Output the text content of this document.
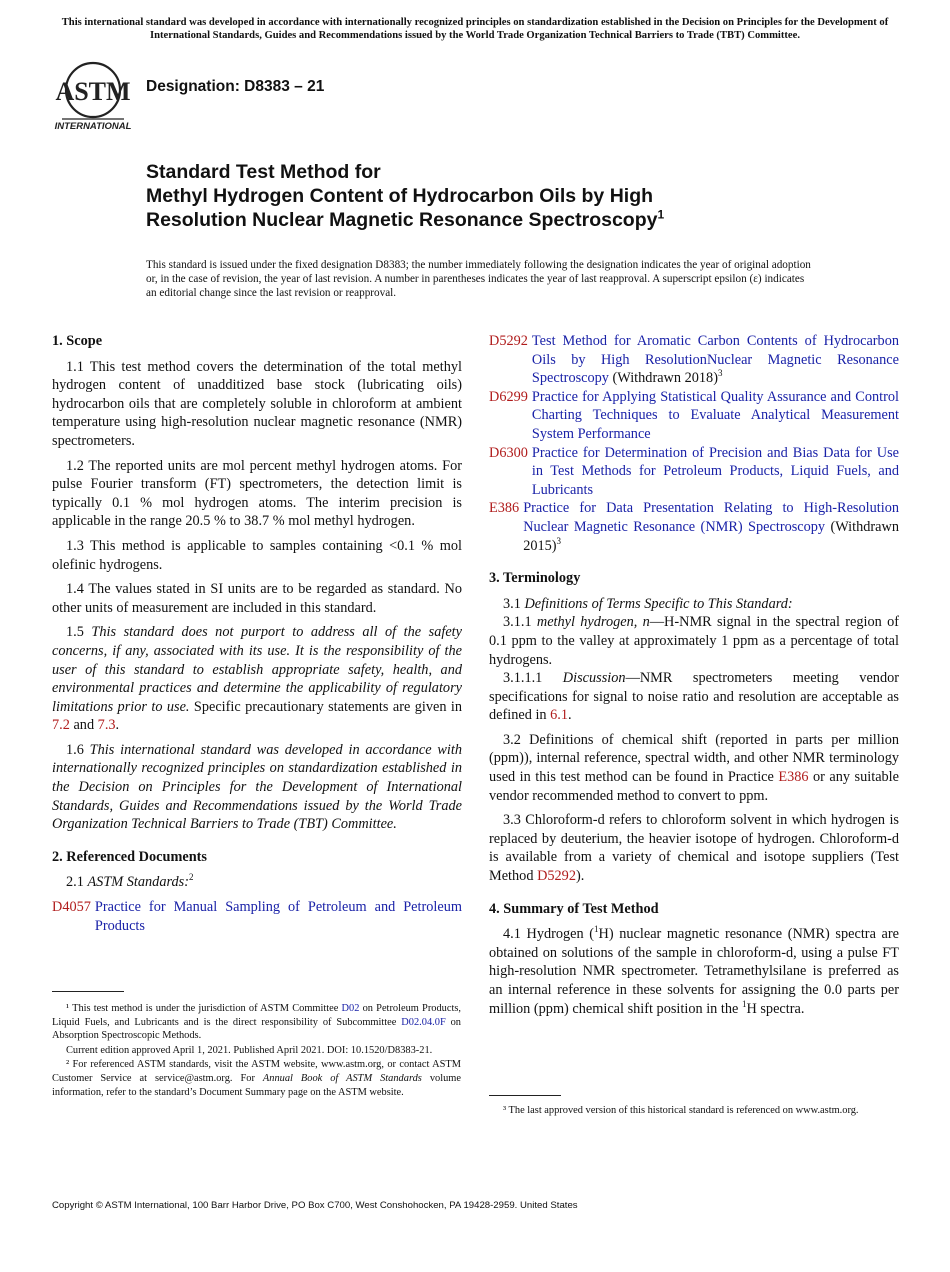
This international standard was developed in accordance with internationally recognized principles on standardization established in the Decision on Principles for the Development of International Standards, Guides and Recommendations issued by the World Trade Organization Technical Barriers to Trade (TBT) Committee.
ASTM
INTERNATIONAL
Designation: D8383 – 21
Standard Test Method for
Methyl Hydrogen Content of Hydrocarbon Oils by High
Resolution Nuclear Magnetic Resonance Spectroscopy$^1$
This standard is issued under the fixed designation D8383; the number immediately following the designation indicates the year of original adoption or, in the case of revision, the year of last revision. A number in parentheses indicates the year of last reapproval. A superscript epsilon (ε) indicates an editorial change since the last revision or reapproval.
1. Scope

1.1 This test method covers the determination of the total methyl hydrogen content of unadditized base stock (lubricating oils) hydrocarbon oils that are completely soluble in chloroform at ambient temperature using high-resolution nuclear magnetic resonance (NMR) spectrometers.

1.2 The reported units are mol percent methyl hydrogen atoms. For pulse Fourier transform (FT) spectrometers, the detection limit is typically 0.1 % mol hydrogen atoms. The interim precision is applicable in the range 20.5 % to 38.7 % mol methyl hydrogen.

1.3 This method is applicable to samples containing <0.1 % mol olefinic hydrogens.

1.4 The values stated in SI units are to be regarded as standard. No other units of measurement are included in this standard.

1.5 This standard does not purport to address all of the safety concerns, if any, associated with its use. It is the responsibility of the user of this standard to establish appropriate safety, health, and environmental practices and determine the applicability of regulatory limitations prior to use. Specific precautionary statements are given in 7.2 and 7.3.

1.6 This international standard was developed in accordance with internationally recognized principles on standardization established in the Decision on Principles for the Development of International Standards, Guides and Recommendations issued by the World Trade Organization Technical Barriers to Trade (TBT) Committee.

2. Referenced Documents

2.1 ASTM Standards:$^2$

D4057 Practice for Manual Sampling of Petroleum and Petroleum Products

¹ This test method is under the jurisdiction of ASTM Committee D02 on Petroleum Products, Liquid Fuels, and Lubricants and is the direct responsibility of Subcommittee D02.04.0F on Absorption Spectroscopic Methods.

Current edition approved April 1, 2021. Published April 2021. DOI: 10.1520/D8383-21.

² For referenced ASTM standards, visit the ASTM website, www.astm.org, or contact ASTM Customer Service at service@astm.org. For Annual Book of ASTM Standards volume information, refer to the standard’s Document Summary page on the ASTM website.

D5292 Test Method for Aromatic Carbon Contents of Hydrocarbon Oils by High ResolutionNuclear Magnetic Resonance Spectroscopy (Withdrawn 2018)$^3$
D6299 Practice for Applying Statistical Quality Assurance and Control Charting Techniques to Evaluate Analytical Measurement System Performance
D6300 Practice for Determination of Precision and Bias Data for Use in Test Methods for Petroleum Products, Liquid Fuels, and Lubricants
E386 Practice for Data Presentation Relating to High-Resolution Nuclear Magnetic Resonance (NMR) Spectroscopy (Withdrawn 2015)$^3$
3. Terminology

3.1 Definitions of Terms Specific to This Standard:

3.1.1 methyl hydrogen, n—H-NMR signal in the spectral region of 0.1 ppm to the valley at approximately 1 ppm as a percentage of total hydrogens.

3.1.1.1 Discussion—NMR spectrometers meeting vendor specifications for signal to noise ratio and resolution are acceptable as defined in 6.1.

3.2 Definitions of chemical shift (reported in parts per million (ppm)), internal reference, spectral width, and other NMR terminology used in this test method can be found in Practice E386 or any suitable vendor recommended method to convert to ppm.

3.3 Chloroform-d refers to chloroform solvent in which hydrogen is replaced by deuterium, the heavier isotope of hydrogen. Chloroform-d is available from a variety of chemical and isotope suppliers (Test Method D5292).

4. Summary of Test Method

4.1 Hydrogen ($^1$H) nuclear magnetic resonance (NMR) spectra are obtained on solutions of the sample in chloroform-d, using a pulse FT high-resolution NMR spectrometer. Tetramethylsilane is preferred as an internal reference in these solvents for assigning the 0.0 parts per million (ppm) chemical shift position in the $^1$H spectra.

³ The last approved version of this historical standard is referenced on www.astm.org.

Copyright © ASTM International, 100 Barr Harbor Drive, PO Box C700, West Conshohocken, PA 19428-2959. United States
